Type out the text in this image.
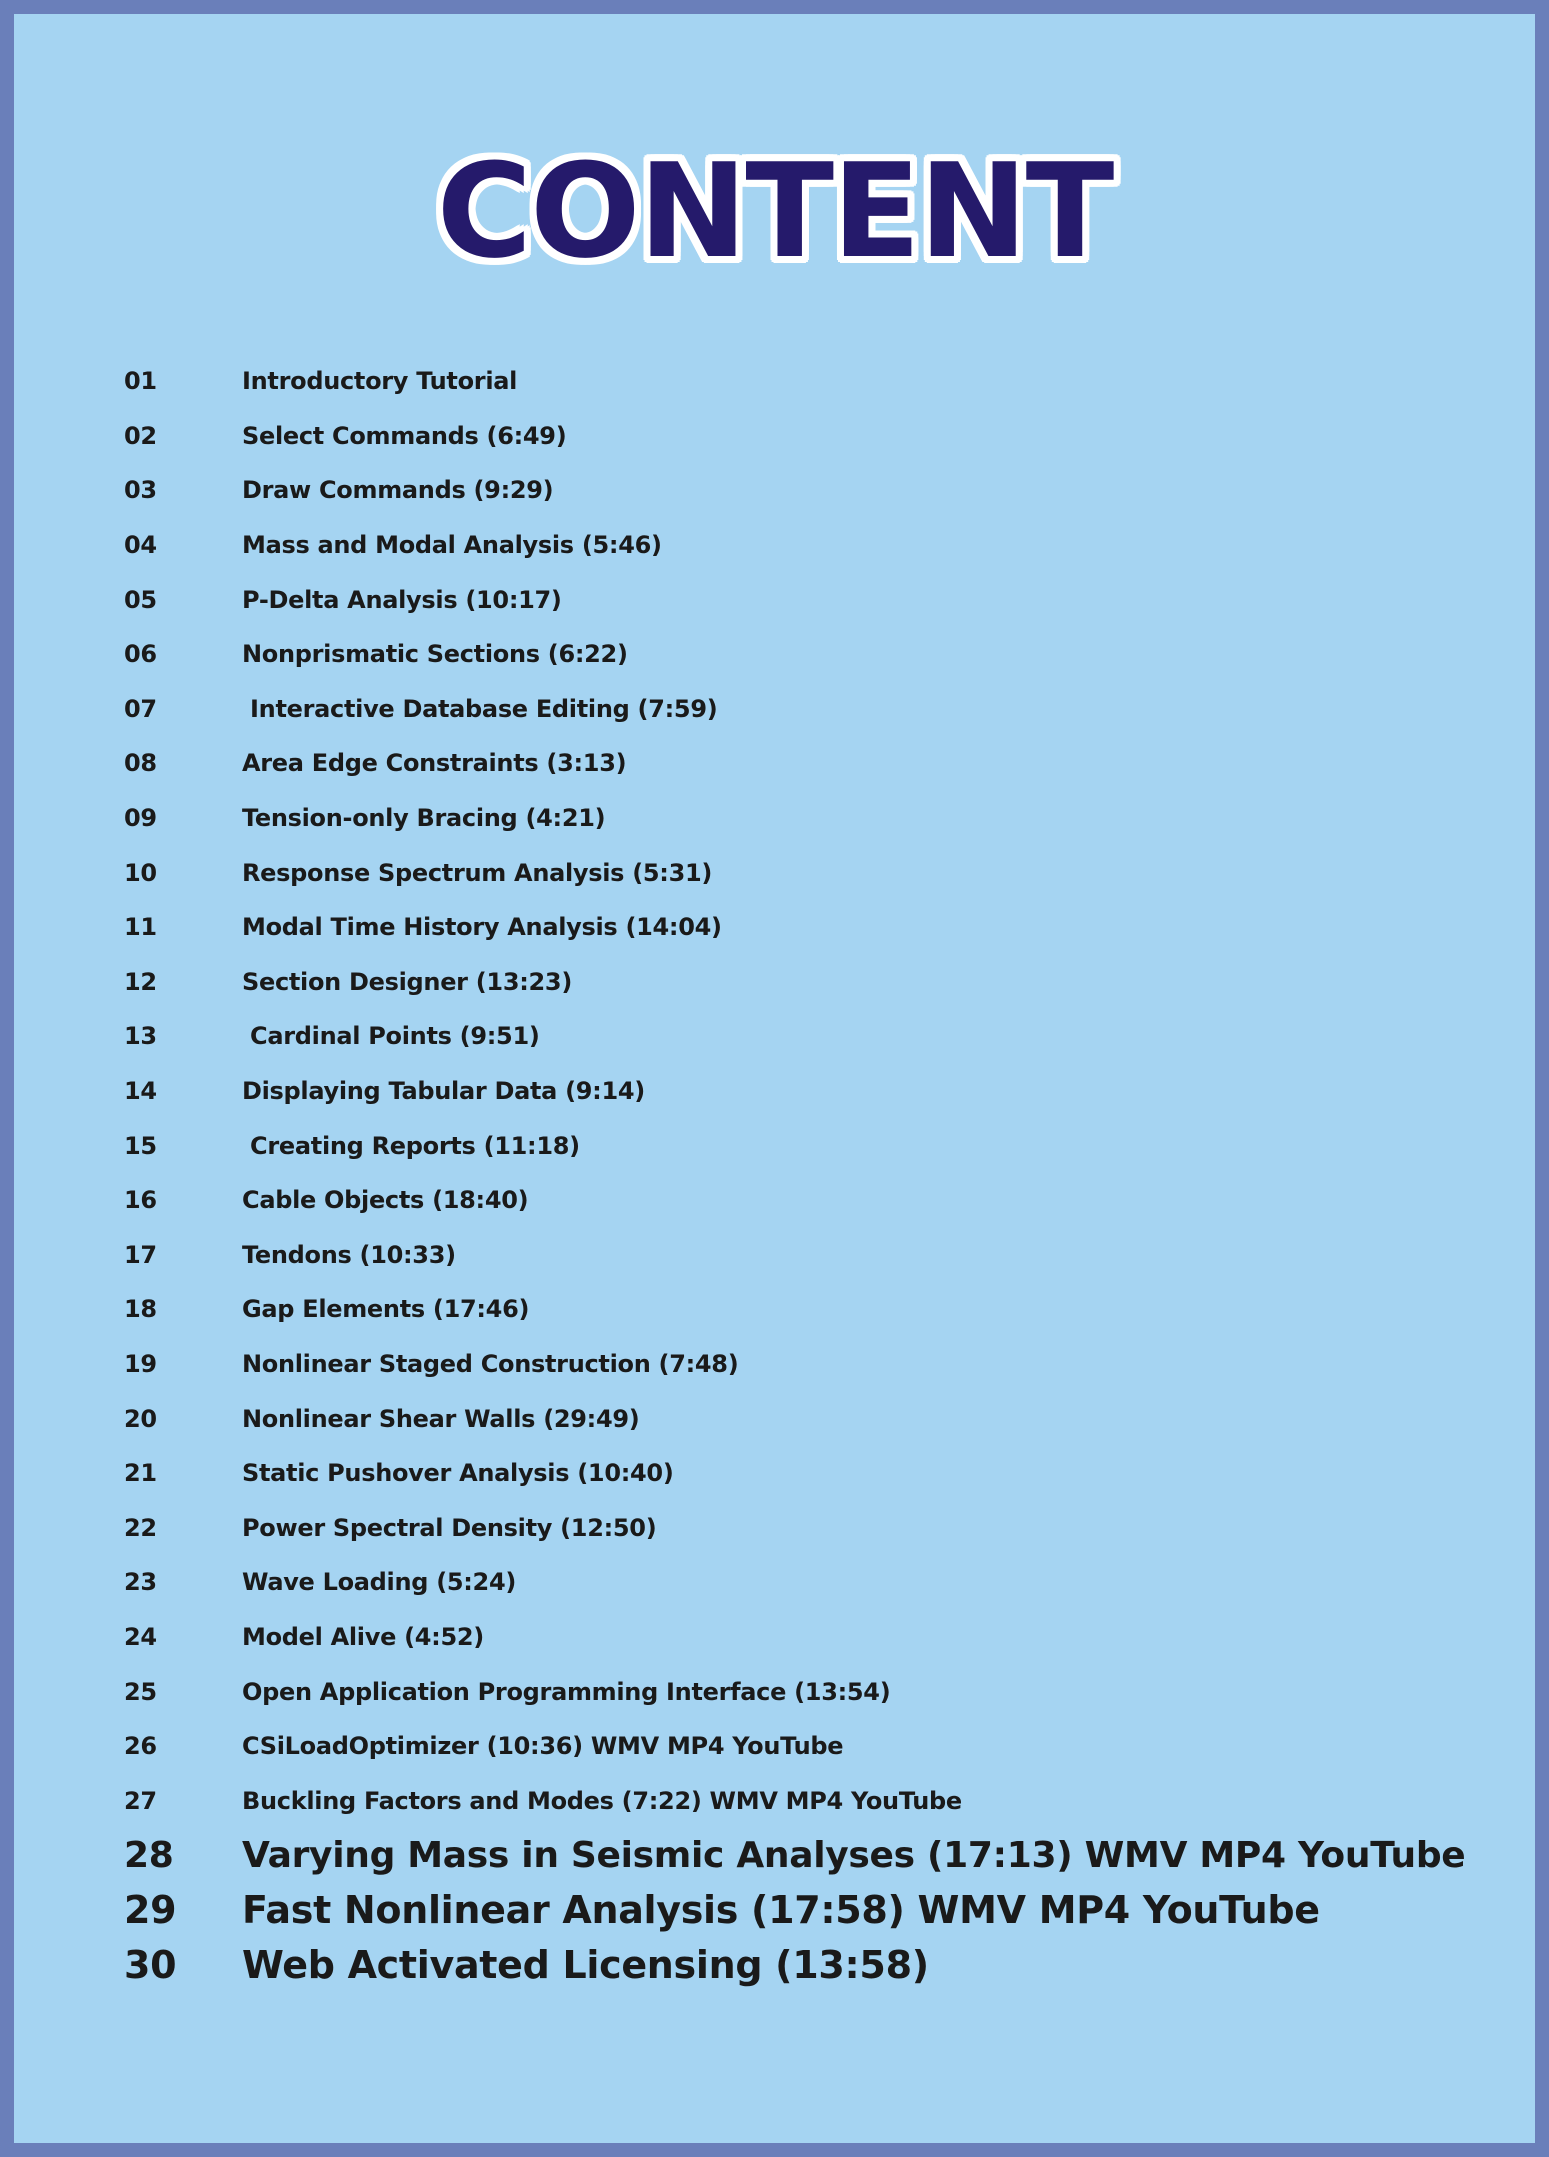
CONTENT
01	Introductory Tutorial
02	Select Commands (6:49)
03	Draw Commands (9:29)
04	Mass and Modal Analysis (5:46)
05	P-Delta Analysis (10:17)
06	Nonprismatic Sections (6:22)
07	Interactive Database Editing (7:59)
08	Area Edge Constraints (3:13)
09	Tension-only Bracing (4:21)
10	Response Spectrum Analysis (5:31)
11	Modal Time History Analysis (14:04)
12	Section Designer (13:23)
13	Cardinal Points (9:51)
14	Displaying Tabular Data (9:14)
15	Creating Reports (11:18)
16	Cable Objects (18:40)
17	Tendons (10:33)
18	Gap Elements (17:46)
19	Nonlinear Staged Construction (7:48)
20	Nonlinear Shear Walls (29:49)
21	Static Pushover Analysis (10:40)
22	Power Spectral Density (12:50)
23	Wave Loading (5:24)
24	Model Alive (4:52)
25	Open Application Programming Interface (13:54)
26	CSiLoadOptimizer (10:36) WMV MP4 YouTube
27	Buckling Factors and Modes (7:22) WMV MP4 YouTube
28	Varying Mass in Seismic Analyses (17:13) WMV MP4 YouTube
29	Fast Nonlinear Analysis (17:58) WMV MP4 YouTube
30	Web Activated Licensing (13:58)
